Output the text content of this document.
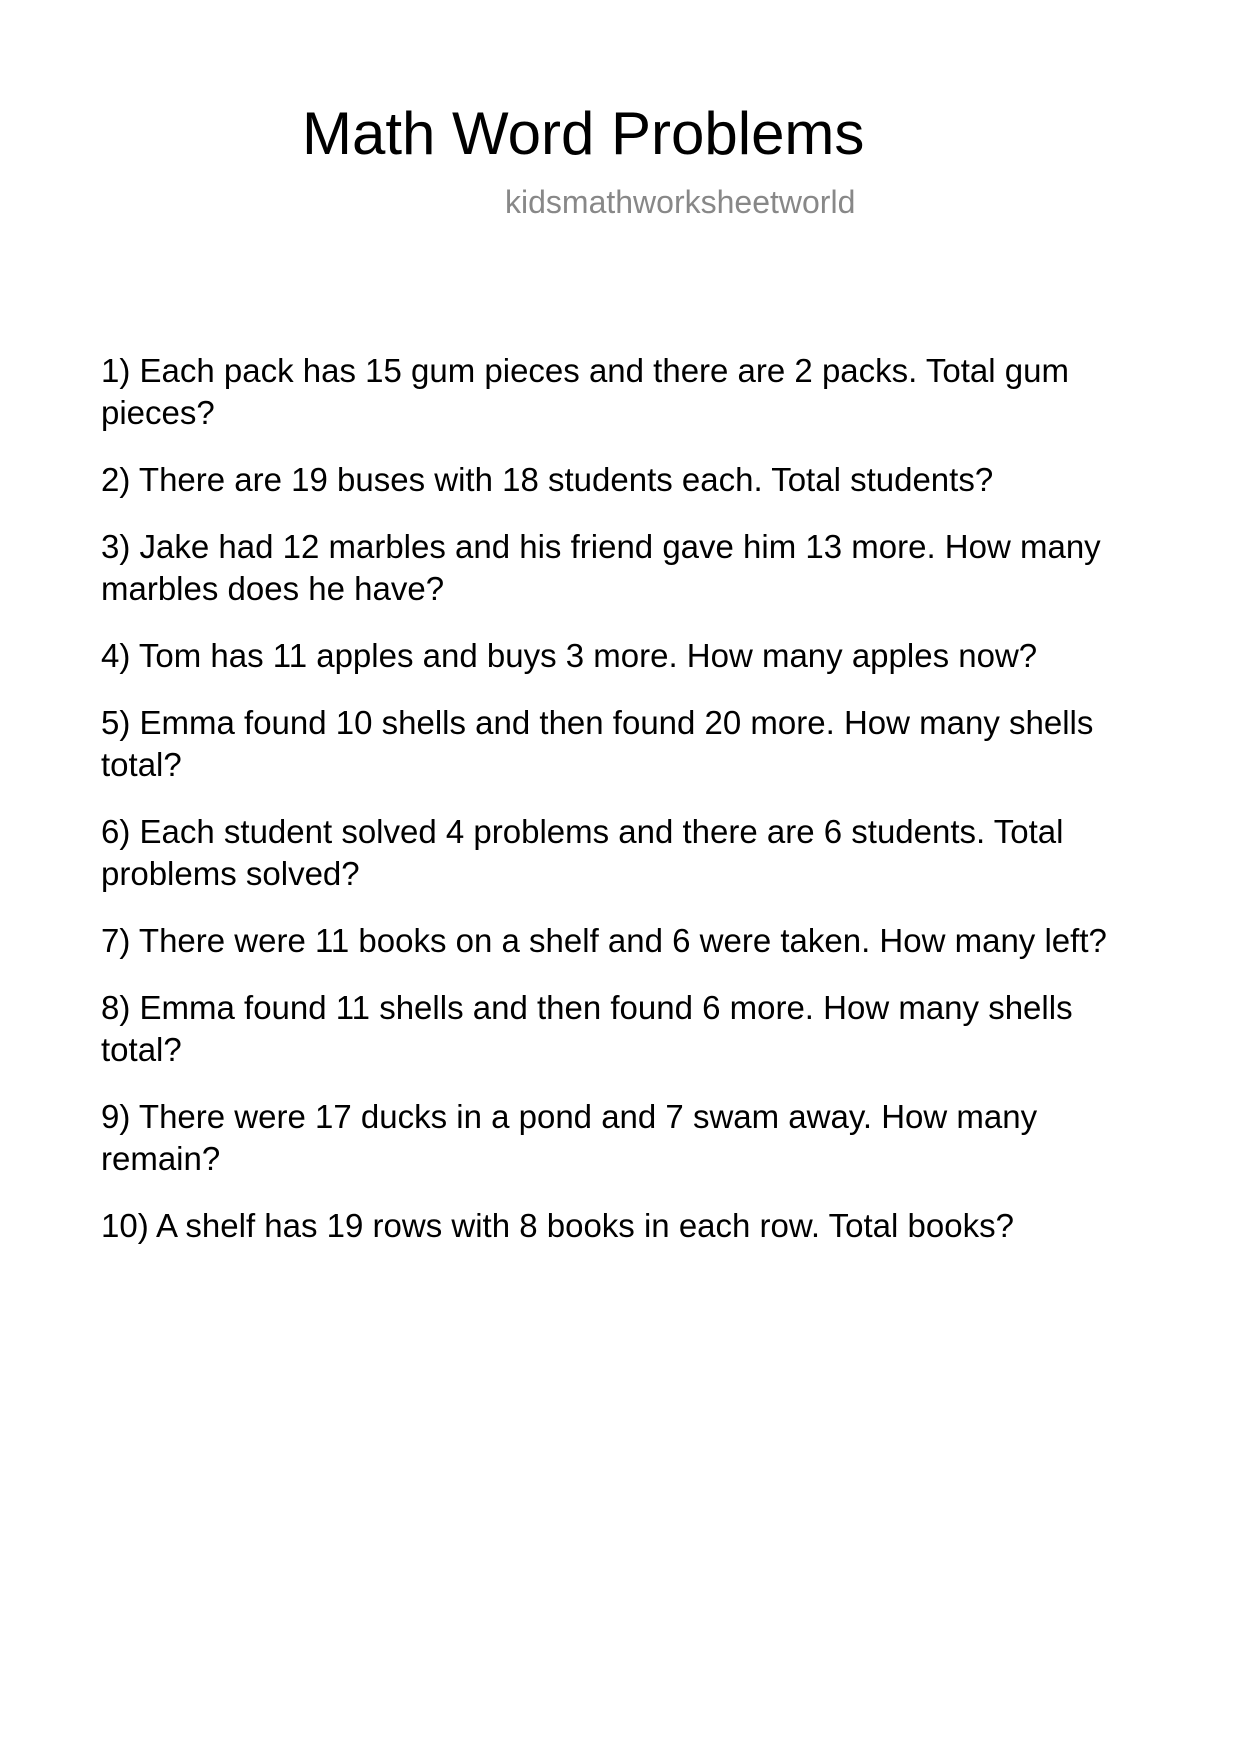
Math Word Problems
kidsmathworksheetworld
1) Each pack has 15 gum pieces and there are 2 packs. Total gum pieces?
2) There are 19 buses with 18 students each. Total students?
3) Jake had 12 marbles and his friend gave him 13 more. How many marbles does he have?
4) Tom has 11 apples and buys 3 more. How many apples now?
5) Emma found 10 shells and then found 20 more. How many shells total?
6) Each student solved 4 problems and there are 6 students. Total problems solved?
7) There were 11 books on a shelf and 6 were taken. How many left?
8) Emma found 11 shells and then found 6 more. How many shells total?
9) There were 17 ducks in a pond and 7 swam away. How many remain?
10) A shelf has 19 rows with 8 books in each row. Total books?
